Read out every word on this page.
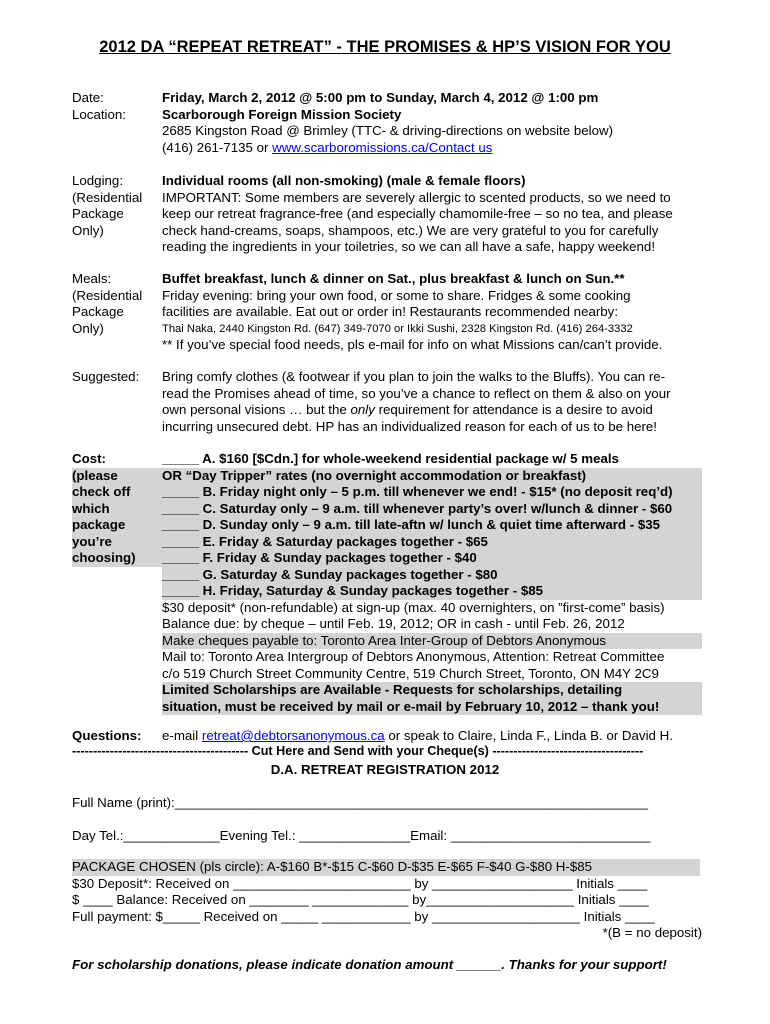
2012 DA “REPEAT RETREAT” - THE PROMISES & HP’S VISION FOR YOU
Date:
Location:
Friday, March 2, 2012 @ 5:00 pm to Sunday, March 4, 2012 @ 1:00 pm
Scarborough Foreign Mission Society
2685 Kingston Road @ Brimley (TTC- & driving-directions on website below)
(416) 261-7135 or www.scarboromissions.ca/Contact us
Lodging:
(Residential
Package
Only)
Individual rooms (all non-smoking) (male & female floors)
IMPORTANT: Some members are severely allergic to scented products, so we need to
keep our retreat fragrance-free (and especially chamomile-free – so no tea, and please
check hand-creams, soaps, shampoos, etc.) We are very grateful to you for carefully
reading the ingredients in your toiletries, so we can all have a safe, happy weekend!
Meals:
(Residential
Package
Only)
Buffet breakfast, lunch & dinner on Sat., plus breakfast & lunch on Sun.**
Friday evening: bring your own food, or some to share. Fridges & some cooking
facilities are available. Eat out or order in! Restaurants recommended nearby:
Thai Naka, 2440 Kingston Rd. (647) 349-7070 or Ikki Sushi, 2328 Kingston Rd. (416) 264-3332
** If you’ve special food needs, pls e-mail for info on what Missions can/can’t provide.
Suggested:	Bring comfy clothes (& footwear if you plan to join the walks to the Bluffs). You can re-
read the Promises ahead of time, so you’ve a chance to reflect on them & also on your
own personal visions … but the only requirement for attendance is a desire to avoid
incurring unsecured debt. HP has an individualized reason for each of us to be here!
Cost:
(please
check off
which
package
you’re
choosing)
_____ A. $160 [$Cdn.] for whole-weekend residential package w/ 5 meals
OR “Day Tripper” rates (no overnight accommodation or breakfast)
_____ B. Friday night only – 5 p.m. till whenever we end! - $15* (no deposit req’d)
_____ C. Saturday only – 9 a.m. till whenever party’s over! w/lunch & dinner - $60
_____ D. Sunday only – 9 a.m. till late-aftn w/ lunch & quiet time afterward - $35
_____ E. Friday & Saturday packages together - $65
_____ F. Friday & Sunday packages together - $40
_____ G. Saturday & Sunday packages together - $80
_____ H. Friday, Saturday & Sunday packages together - $85
$30 deposit* (non-refundable) at sign-up (max. 40 overnighters, on ”first-come” basis)
Balance due: by cheque – until Feb. 19, 2012; OR in cash - until Feb. 26, 2012
Make cheques payable to: Toronto Area Inter-Group of Debtors Anonymous
Mail to: Toronto Area Intergroup of Debtors Anonymous, Attention: Retreat Committee
c/o 519 Church Street Community Centre, 519 Church Street, Toronto, ON M4Y 2C9
Limited Scholarships are Available - Requests for scholarships, detailing
situation, must be received by mail or e-mail by February 10, 2012 – thank you!
Questions:	e-mail retreat@debtorsanonymous.ca or speak to Claire, Linda F., Linda B. or David H.
------------------------------------------ Cut Here and Send with your Cheque(s) ------------------------------------
D.A. RETREAT REGISTRATION 2012
Full Name (print):________________________________________________________________
Day Tel.:_____________Evening Tel.: _______________Email: ___________________________
PACKAGE CHOSEN (pls circle): A-$160 B*-$15 C-$60 D-$35 E-$65 F-$40 G-$80 H-$85
$30 Deposit*: Received on ________________________ by ___________________ Initials ____
$ ____ Balance: Received on ________ _____________ by____________________ Initials ____
Full payment: $_____ Received on _____ ____________ by ____________________ Initials ____
*(B = no deposit)
For scholarship donations, please indicate donation amount ______. Thanks for your support!
